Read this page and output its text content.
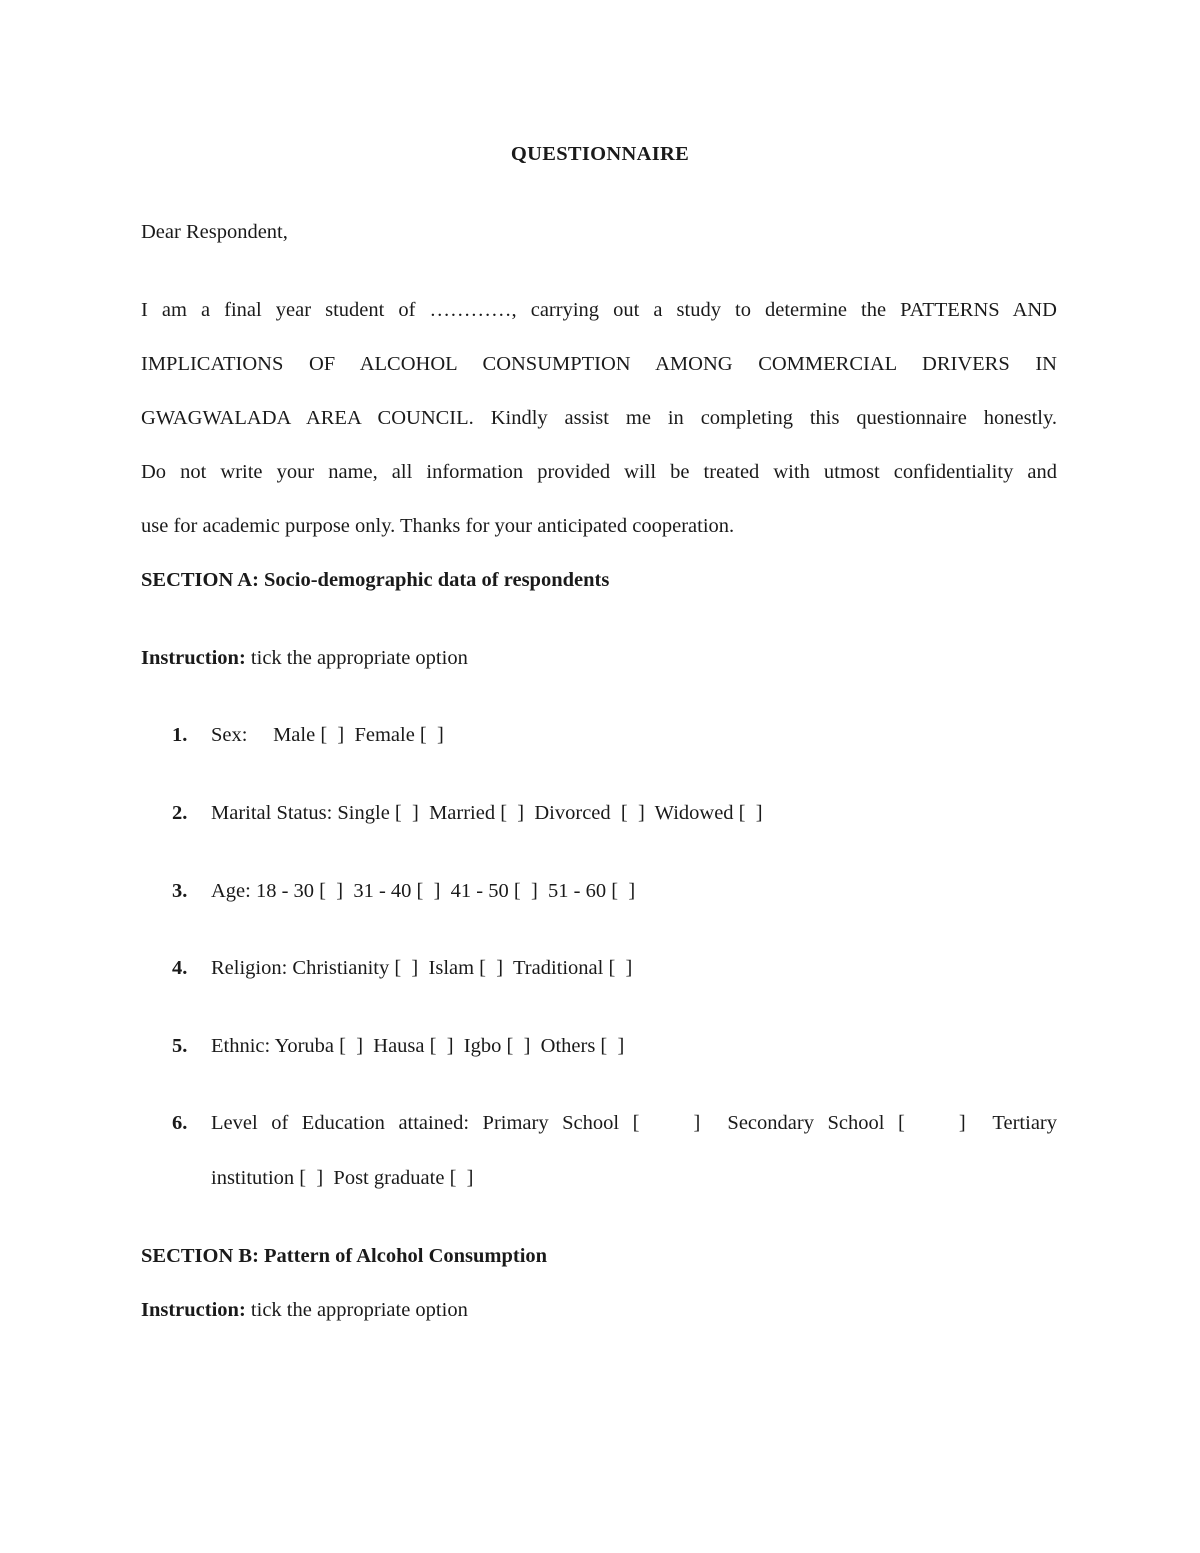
QUESTIONNAIRE
Dear Respondent,
I am a final year student of …………, carrying out a study to determine the PATTERNS AND
IMPLICATIONS OF ALCOHOL CONSUMPTION AMONG COMMERCIAL DRIVERS IN
GWAGWALADA AREA COUNCIL. Kindly assist me in completing this questionnaire honestly.
Do not write your name, all information provided will be treated with utmost confidentiality and
use for academic purpose only. Thanks for your anticipated cooperation.
SECTION A: Socio-demographic data of respondents
Instruction: tick the appropriate option
1. Sex:     Male [  ]  Female [  ]
2. Marital Status: Single [  ]  Married [  ]  Divorced  [  ]  Widowed [  ]
3. Age: 18 - 30 [  ]  31 - 40 [  ]  41 - 50 [  ]  51 - 60 [  ]
4. Religion: Christianity [  ]  Islam [  ]  Traditional [  ]
5. Ethnic: Yoruba [  ]  Hausa [  ]  Igbo [  ]  Others [  ]
6. Level of Education attained: Primary School [    ]  Secondary School [    ]  Tertiary
institution [  ]  Post graduate [  ]
SECTION B: Pattern of Alcohol Consumption
Instruction: tick the appropriate option
